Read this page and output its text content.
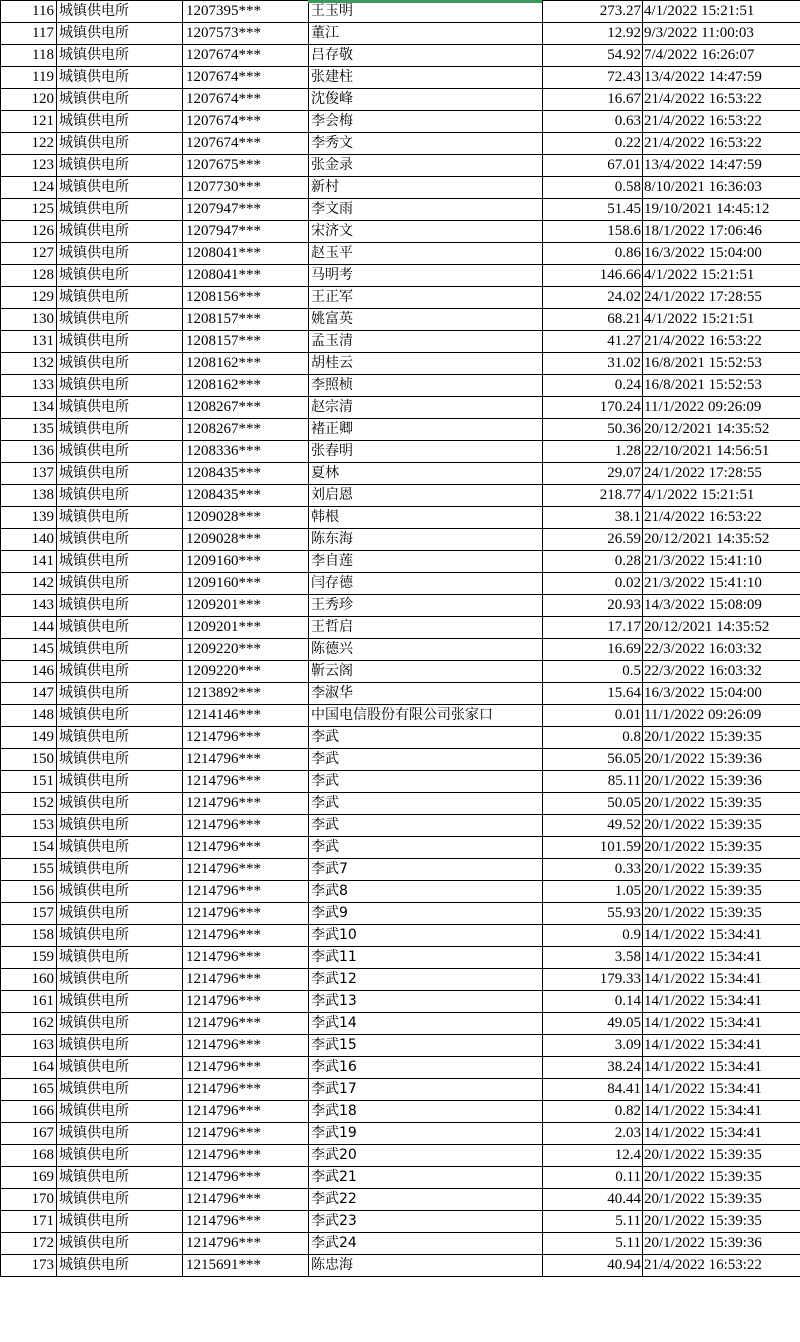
116	城镇供电所	1207395***	王玉明	273.27	4/1/2022 15:21:51
117	城镇供电所	1207573***	董江	12.92	9/3/2022 11:00:03
118	城镇供电所	1207674***	吕存敬	54.92	7/4/2022 16:26:07
119	城镇供电所	1207674***	张建柱	72.43	13/4/2022 14:47:59
120	城镇供电所	1207674***	沈俊峰	16.67	21/4/2022 16:53:22
121	城镇供电所	1207674***	李会梅	0.63	21/4/2022 16:53:22
122	城镇供电所	1207674***	李秀文	0.22	21/4/2022 16:53:22
123	城镇供电所	1207675***	张金录	67.01	13/4/2022 14:47:59
124	城镇供电所	1207730***	新村	0.58	8/10/2021 16:36:03
125	城镇供电所	1207947***	李文雨	51.45	19/10/2021 14:45:12
126	城镇供电所	1207947***	宋济文	158.6	18/1/2022 17:06:46
127	城镇供电所	1208041***	赵玉平	0.86	16/3/2022 15:04:00
128	城镇供电所	1208041***	马明考	146.66	4/1/2022 15:21:51
129	城镇供电所	1208156***	王正军	24.02	24/1/2022 17:28:55
130	城镇供电所	1208157***	姚富英	68.21	4/1/2022 15:21:51
131	城镇供电所	1208157***	孟玉清	41.27	21/4/2022 16:53:22
132	城镇供电所	1208162***	胡桂云	31.02	16/8/2021 15:52:53
133	城镇供电所	1208162***	李照桢	0.24	16/8/2021 15:52:53
134	城镇供电所	1208267***	赵宗清	170.24	11/1/2022 09:26:09
135	城镇供电所	1208267***	褚正卿	50.36	20/12/2021 14:35:52
136	城镇供电所	1208336***	张春明	1.28	22/10/2021 14:56:51
137	城镇供电所	1208435***	夏林	29.07	24/1/2022 17:28:55
138	城镇供电所	1208435***	刘启恩	218.77	4/1/2022 15:21:51
139	城镇供电所	1209028***	韩根	38.1	21/4/2022 16:53:22
140	城镇供电所	1209028***	陈东海	26.59	20/12/2021 14:35:52
141	城镇供电所	1209160***	李自莲	0.28	21/3/2022 15:41:10
142	城镇供电所	1209160***	闫存德	0.02	21/3/2022 15:41:10
143	城镇供电所	1209201***	王秀珍	20.93	14/3/2022 15:08:09
144	城镇供电所	1209201***	王哲启	17.17	20/12/2021 14:35:52
145	城镇供电所	1209220***	陈德兴	16.69	22/3/2022 16:03:32
146	城镇供电所	1209220***	靳云阁	0.5	22/3/2022 16:03:32
147	城镇供电所	1213892***	李淑华	15.64	16/3/2022 15:04:00
148	城镇供电所	1214146***	中国电信股份有限公司张家口	0.01	11/1/2022 09:26:09
149	城镇供电所	1214796***	李武	0.8	20/1/2022 15:39:35
150	城镇供电所	1214796***	李武	56.05	20/1/2022 15:39:36
151	城镇供电所	1214796***	李武	85.11	20/1/2022 15:39:36
152	城镇供电所	1214796***	李武	50.05	20/1/2022 15:39:35
153	城镇供电所	1214796***	李武	49.52	20/1/2022 15:39:35
154	城镇供电所	1214796***	李武	101.59	20/1/2022 15:39:35
155	城镇供电所	1214796***	李武7	0.33	20/1/2022 15:39:35
156	城镇供电所	1214796***	李武8	1.05	20/1/2022 15:39:35
157	城镇供电所	1214796***	李武9	55.93	20/1/2022 15:39:35
158	城镇供电所	1214796***	李武10	0.9	14/1/2022 15:34:41
159	城镇供电所	1214796***	李武11	3.58	14/1/2022 15:34:41
160	城镇供电所	1214796***	李武12	179.33	14/1/2022 15:34:41
161	城镇供电所	1214796***	李武13	0.14	14/1/2022 15:34:41
162	城镇供电所	1214796***	李武14	49.05	14/1/2022 15:34:41
163	城镇供电所	1214796***	李武15	3.09	14/1/2022 15:34:41
164	城镇供电所	1214796***	李武16	38.24	14/1/2022 15:34:41
165	城镇供电所	1214796***	李武17	84.41	14/1/2022 15:34:41
166	城镇供电所	1214796***	李武18	0.82	14/1/2022 15:34:41
167	城镇供电所	1214796***	李武19	2.03	14/1/2022 15:34:41
168	城镇供电所	1214796***	李武20	12.4	20/1/2022 15:39:35
169	城镇供电所	1214796***	李武21	0.11	20/1/2022 15:39:35
170	城镇供电所	1214796***	李武22	40.44	20/1/2022 15:39:35
171	城镇供电所	1214796***	李武23	5.11	20/1/2022 15:39:35
172	城镇供电所	1214796***	李武24	5.11	20/1/2022 15:39:36
173	城镇供电所	1215691***	陈忠海	40.94	21/4/2022 16:53:22
